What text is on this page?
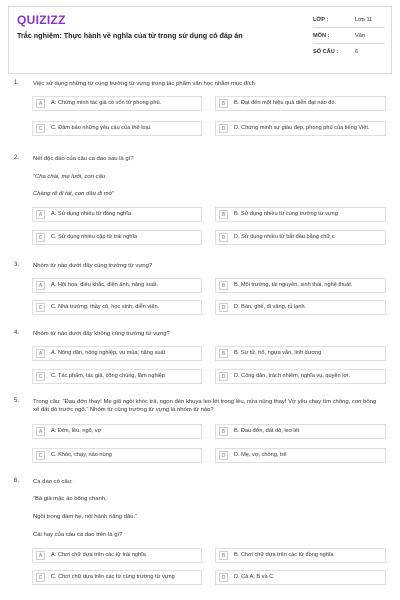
QUIZIZZ
Trắc nghiệm: Thực hành về nghĩa của từ trong sử dụng có đáp án
LỚP :	Lớp 11
MÔN :	Văn
SỐ CÂU :	6
1. Việc sử dụng những từ cùng trường từ vựng trong tác phẩm văn học nhằm mục đích
A	A. Chứng minh tác giả có vốn từ phong phú.	B	B. Đạt đến một hiệu quả diễn đạt nào đó.
C	C. Đảm bảo những yêu cầu của thể loại.	D	D. Chứng minh sự giàu đẹp, phong phú của tiếng Việt.
2. Nét độc đáo của câu ca dao sau là gì?
“Cha chài, mẹ lưới, con câu
Chàng rể đi tát, con dâu đi mò”
A	A. Sử dụng nhiều từ đồng nghĩa	B	B. Sử dụng nhiều từ cùng trường từ vựng
C	C. Sử dụng nhiều cặp từ trái nghĩa	D	D. Sử dụng nhiều từ bắt đầu bằng chữ c
3. Nhóm từ nào dưới đây cùng trường từ vựng?
A	A. Hội họa, điêu khắc, điện ảnh, năng suất.	B	B. Môi trường, tài nguyên, sinh thái, nghệ thuật.
C	C. Nhà trường, thầy cô, học sinh, diễn viên.	D	D. Bàn, ghế, đi văng, tủ lạnh.
4. Nhóm từ nào dưới đây không cùng trường từ vựng?
A	A. Nông dân, nông nghiệp, vụ mùa, năng suất	B	B. Sư tử, hổ, ngựa vằn, linh dương
C	C. Tác phẩm, tác giả, công chúng, lâm nghiệp	D	D. Công dân, trách nhiệm, nghĩa vụ, quyền lợi.
5. Trong câu: “Đau đớn thay! Mẹ giã ngồi khóc trả, ngọn đèn khuya leo lét trong lều, nửa nùng thay! Vợ yêu chạy tìm chồng, con bồng xế đất đò trước ngõ.” Nhóm từ cùng trường từ vựng là nhóm từ nào?
A	A. Đớn, lều, ngõ, vợ	B	B. Đau đớn, đất dò, leo lét
C	C. Khóc, chạy, nảo nùng	D	D. Mẹ, vợ, chồng, trẻ
6. Ca dao có câu:
“Bà già mặc áo bông chanh,
Ngồi trong đám hẹ, nói hành năng dâu.”
Cái hay của câu ca dao trên là gì?
A	A. Chơi chữ dựa trên các từ trái nghĩa	B	B. Chơi chữ dựa trên các từ đồng nghĩa
C	C. Chơi chữ dựa trên các từ cùng trường từ vựng	D	D. Cả A, B và C
